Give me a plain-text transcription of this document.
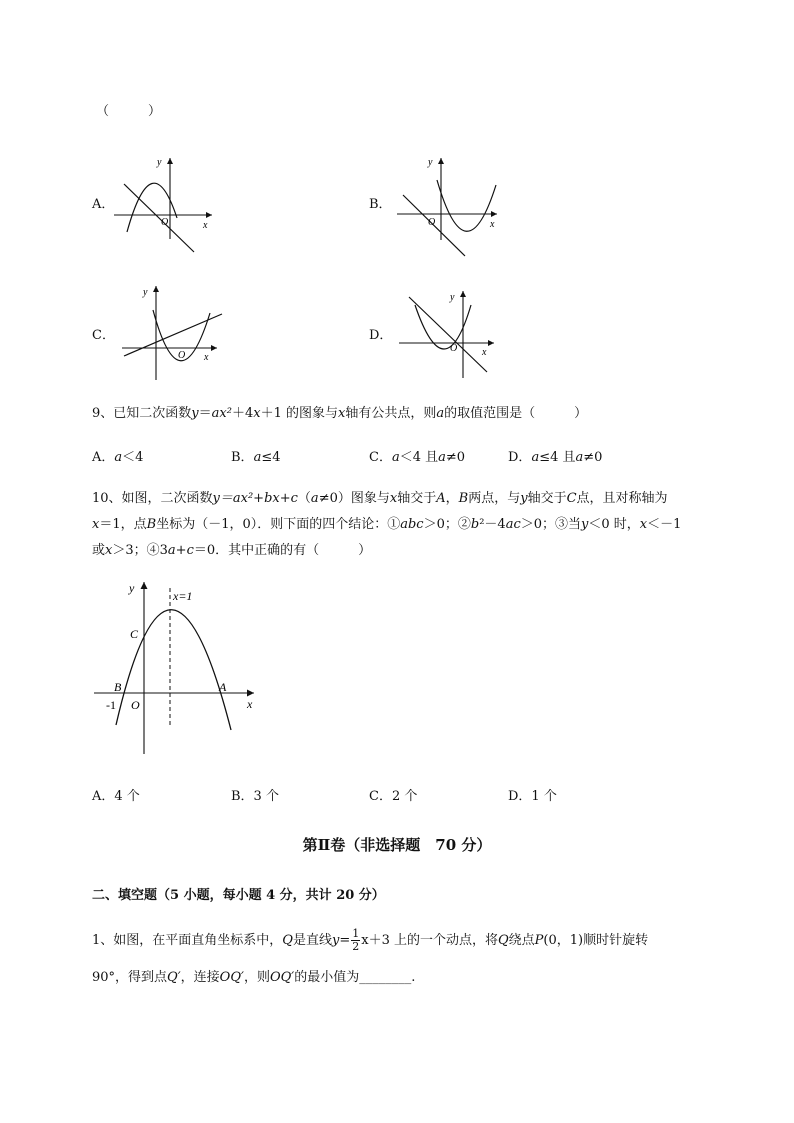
（　　　）
A．
y
x
O
B．
y
x
O
C．
y
x
O
D．
y
x
O
9、已知二次函数y＝ax²＋4x＋1 的图象与x轴有公共点，则a的取值范围是（　　　）
A．a＜4	B．a≤4	C．a＜4 且a≠0	D．a≤4 且a≠0
10、如图，二次函数y＝ax²+bx+c（a≠0）图象与x轴交于A，B两点，与y轴交于C点，且对称轴为
x＝1，点B坐标为（－1，0）．则下面的四个结论：①abc＞0；②b²－4ac＞0；③当y＜0 时，x＜－1
或x＞3；④3a+c＝0．其中正确的有（　　　）
y
x=1
C
B	A
x
O
-1
A．4 个	B．3 个	C．2 个	D．1 个
第Ⅱ卷（非选择题　70 分）
二、填空题（5 小题，每小题 4 分，共计 20 分）
1、如图，在平面直角坐标系中，Q是直线$y= \frac{1}{2} x+3$ 上的一个动点，将Q绕点P(0，1)顺时针旋转
90°，得到点Q′，连接OQ′，则OQ′的最小值为________.
